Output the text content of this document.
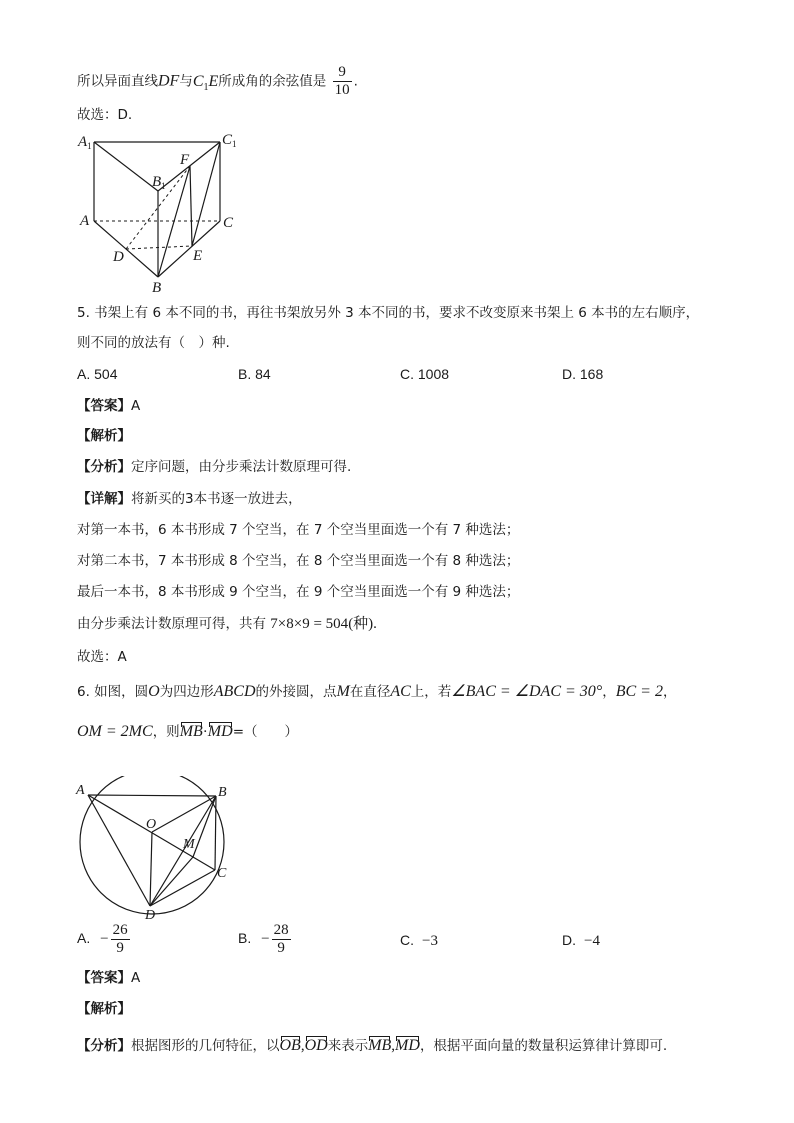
所以异面直线DF与$C_1E$所成角的余弦值是 $\frac{9}{10}$ .
故选：D.
$A_1$	$C_1$
F
$B_1$
A	C
D	E
B
5. 书架上有 6 本不同的书，再往书架放另外 3 本不同的书，要求不改变原来书架上 6 本书的左右顺序，
则不同的放法有（　）种.
A. 504	B. 84	C. 1008	D. 168
【答案】A
【解析】
【分析】定序问题，由分步乘法计数原理可得.
【详解】将新买的3本书逐一放进去，
对第一本书，6 本书形成 7 个空当，在 7 个空当里面选一个有 7 种选法；
对第二本书，7 本书形成 8 个空当，在 8 个空当里面选一个有 8 种选法；
最后一本书，8 本书形成 9 个空当，在 9 个空当里面选一个有 9 种选法；
由分步乘法计数原理可得，共有 7×8×9 = 504(种).
故选：A
6. 如图，圆O为四边形ABCD的外接圆，点M在直径AC上，若∠BAC = ∠DAC = 30°，BC = 2，
OM = 2MC，则MB·MD=（　　）
A	B
O
M
C
D
A. − $\frac{26}{9}$	B. − $\frac{28}{9}$	C. −3	D. −4
【答案】A
【解析】
【分析】根据图形的几何特征，以OB,OD来表示MB,MD，根据平面向量的数量积运算律计算即可.
